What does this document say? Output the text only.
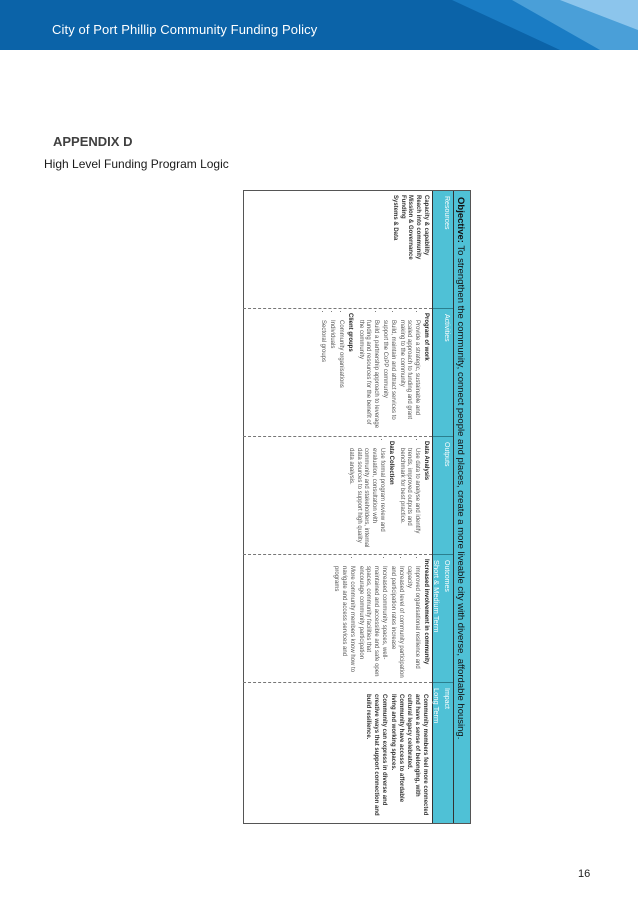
City of Port Phillip Community Funding Policy
APPENDIX D
High Level Funding Program Logic
Objective: To strengthen the community, connect people and places, create a more liveable city with diverse, affordable housing.
Resources
Activities
Outputs
Outcomes
Short & Medium Term
Impact
Long Term
Capacity & capability
Reach into community
Mission & Governance
Funding
Systems & Data
Program of work
• Provide a strategic, sustainable and scaled approach to funding and grant making to the community
• Build, maintain and attract services to support the CoPP community
• Build a partnership approach to leverage funding and resources for the benefit of the community
Client groups
• Community organisations
• Individuals
• Sectoral groups
Data Analysis
• Use data to analyse and identify trends, improved outputs and benchmark for best practice.
Data Collection
• Use formal program review and evaluation, consultation with community and stakeholders, internal data sources to support high quality data analysis.
Increased involvement in community
• Improved organisational resilience and capacity
• Increased level of community participation and participation rates increase
• Increased community spaces, well-maintained and accessible and safe open spaces, community facilities that encourage community participation
• More community members know how to navigate and access services and programs
Community members feel more connected and have a sense of belonging, with cultural legacy celebrated.
Community have access to affordable living and working spaces.
Community can express in diverse and creative ways that support connection and build resilience.
16
